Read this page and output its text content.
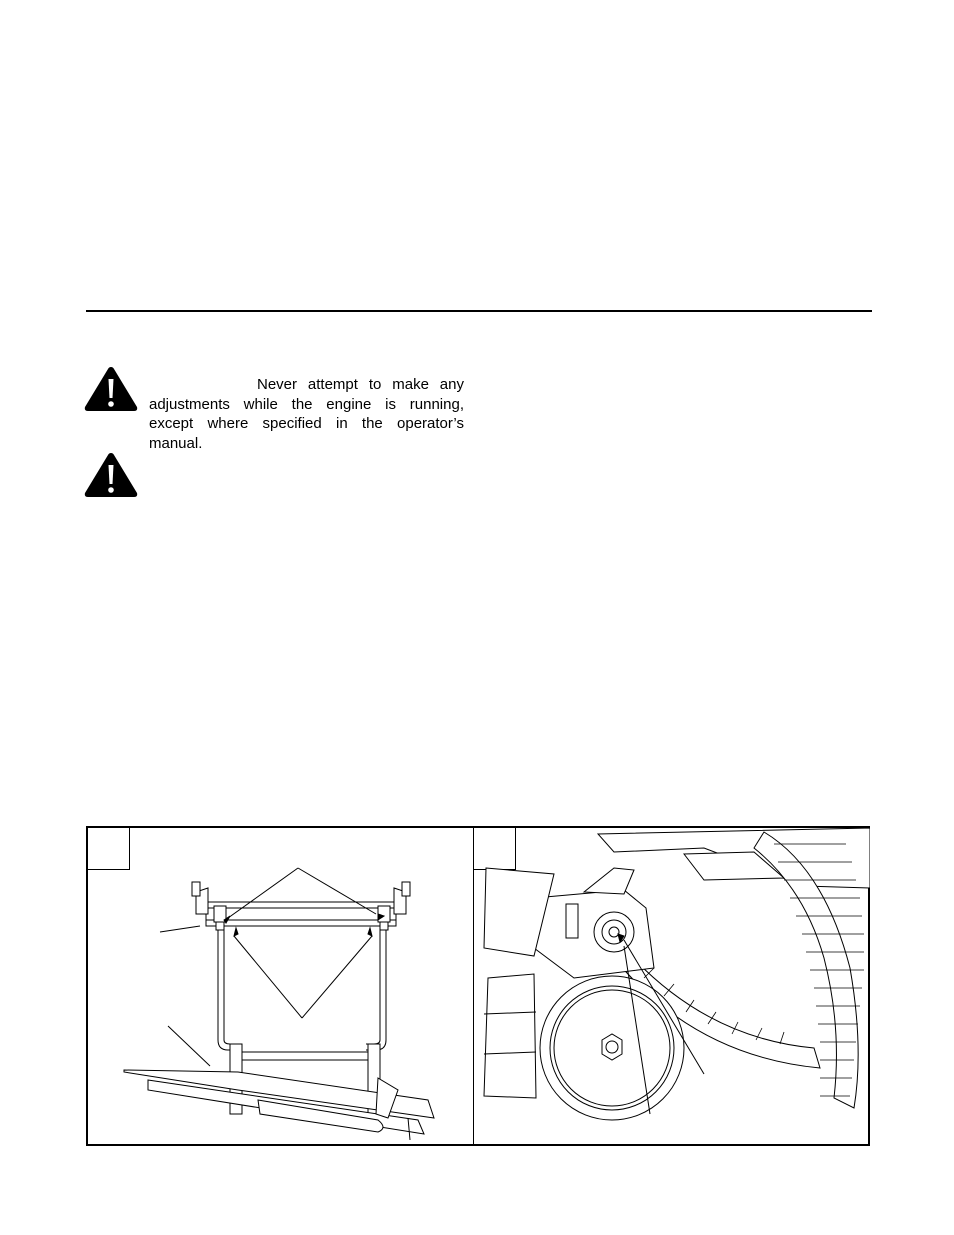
Never attempt to make any adjustments while the engine is running, except where specified in the operator’s manual.
